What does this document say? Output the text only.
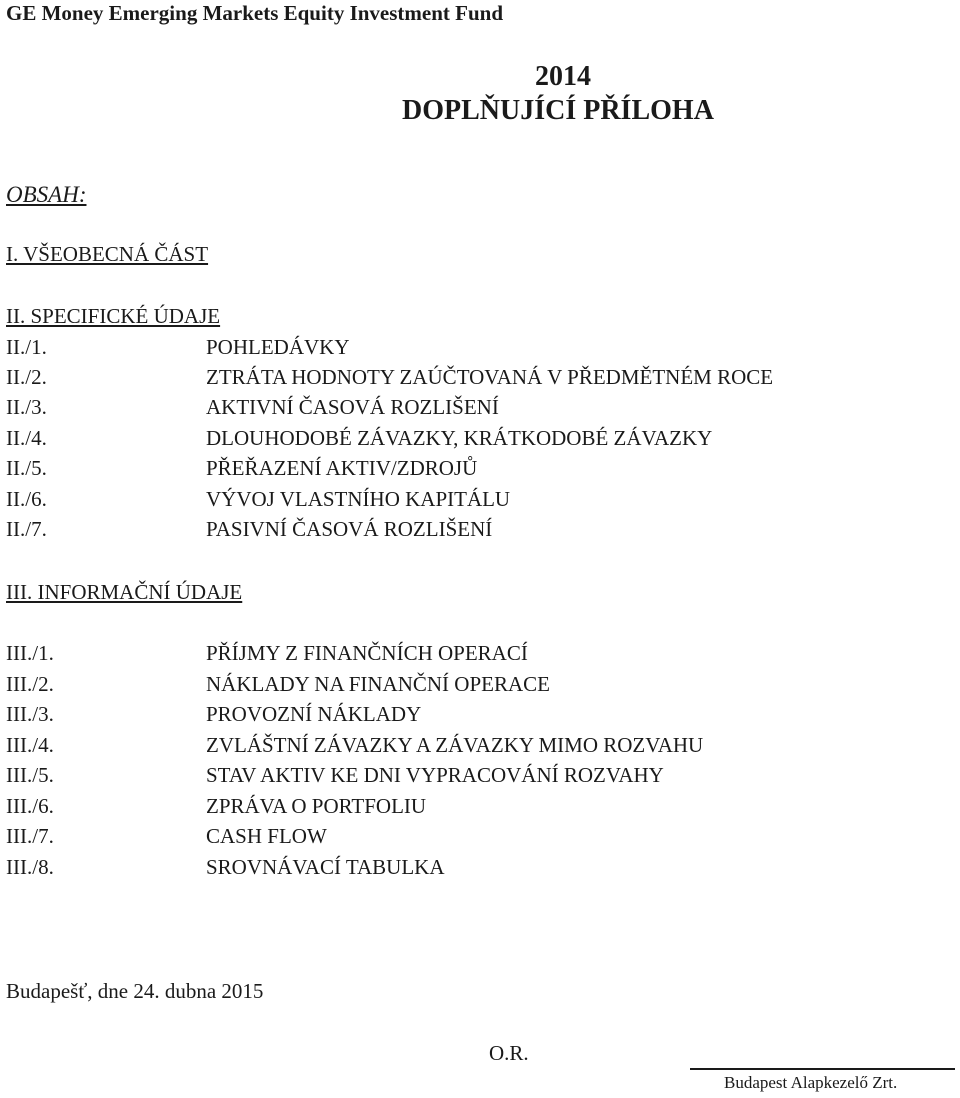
GE Money Emerging Markets Equity Investment Fund
2014
DOPLŇUJÍCÍ PŘÍLOHA
OBSAH:
I. VŠEOBECNÁ ČÁST
II. SPECIFICKÉ ÚDAJE
II./1.	POHLEDÁVKY
II./2.	ZTRÁTA HODNOTY ZAÚČTOVANÁ V PŘEDMĚTNÉM ROCE
II./3.	AKTIVNÍ ČASOVÁ ROZLIŠENÍ
II./4.	DLOUHODOBÉ ZÁVAZKY, KRÁTKODOBÉ ZÁVAZKY
II./5.	PŘEŘAZENÍ AKTIV/ZDROJŮ
II./6.	VÝVOJ VLASTNÍHO KAPITÁLU
II./7.	PASIVNÍ ČASOVÁ ROZLIŠENÍ
III. INFORMAČNÍ ÚDAJE
III./1.	PŘÍJMY Z FINANČNÍCH OPERACÍ
III./2.	NÁKLADY NA FINANČNÍ OPERACE
III./3.	PROVOZNÍ NÁKLADY
III./4.	ZVLÁŠTNÍ ZÁVAZKY A ZÁVAZKY MIMO ROZVAHU
III./5.	STAV AKTIV KE DNI VYPRACOVÁNÍ ROZVAHY
III./6.	ZPRÁVA O PORTFOLIU
III./7.	CASH FLOW
III./8.	SROVNÁVACÍ TABULKA
Budapešť, dne 24. dubna 2015
O.R.
Budapest Alapkezelő Zrt.
